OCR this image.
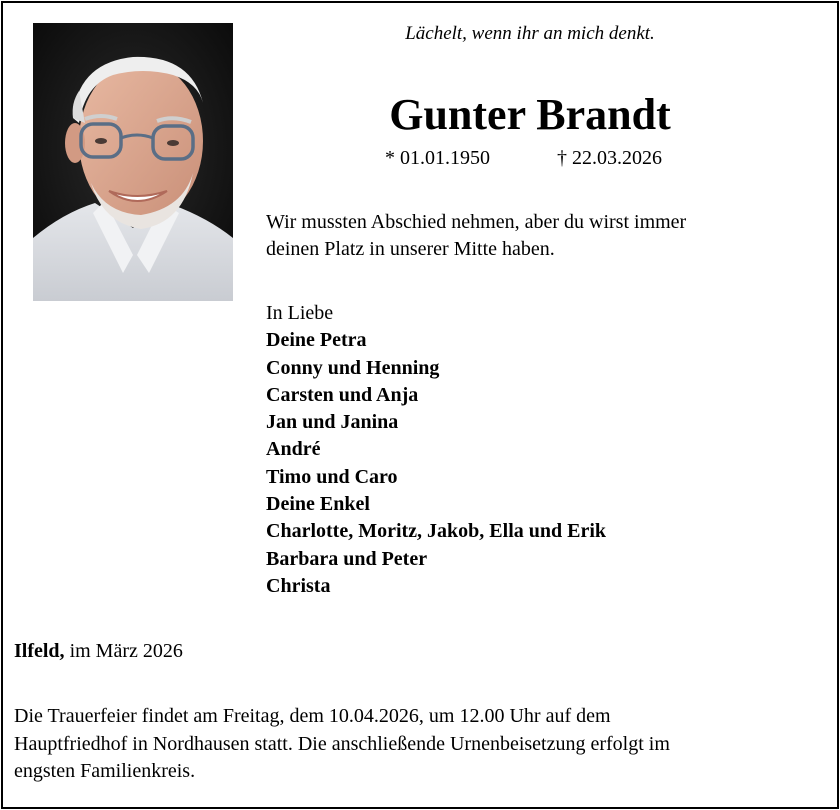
Lächelt, wenn ihr an mich denkt.
Gunter Brandt
* 01.01.1950	† 22.03.2026
Wir mussten Abschied nehmen, aber du wirst immer
deinen Platz in unserer Mitte haben.
In Liebe
Deine Petra
Conny und Henning
Carsten und Anja
Jan und Janina
André
Timo und Caro
Deine Enkel
Charlotte, Moritz, Jakob, Ella und Erik
Barbara und Peter
Christa
Ilfeld, im März 2026
Die Trauerfeier findet am Freitag, dem 10.04.2026, um 12.00 Uhr auf dem
Hauptfriedhof in Nordhausen statt. Die anschließende Urnenbeisetzung erfolgt im
engsten Familienkreis.
